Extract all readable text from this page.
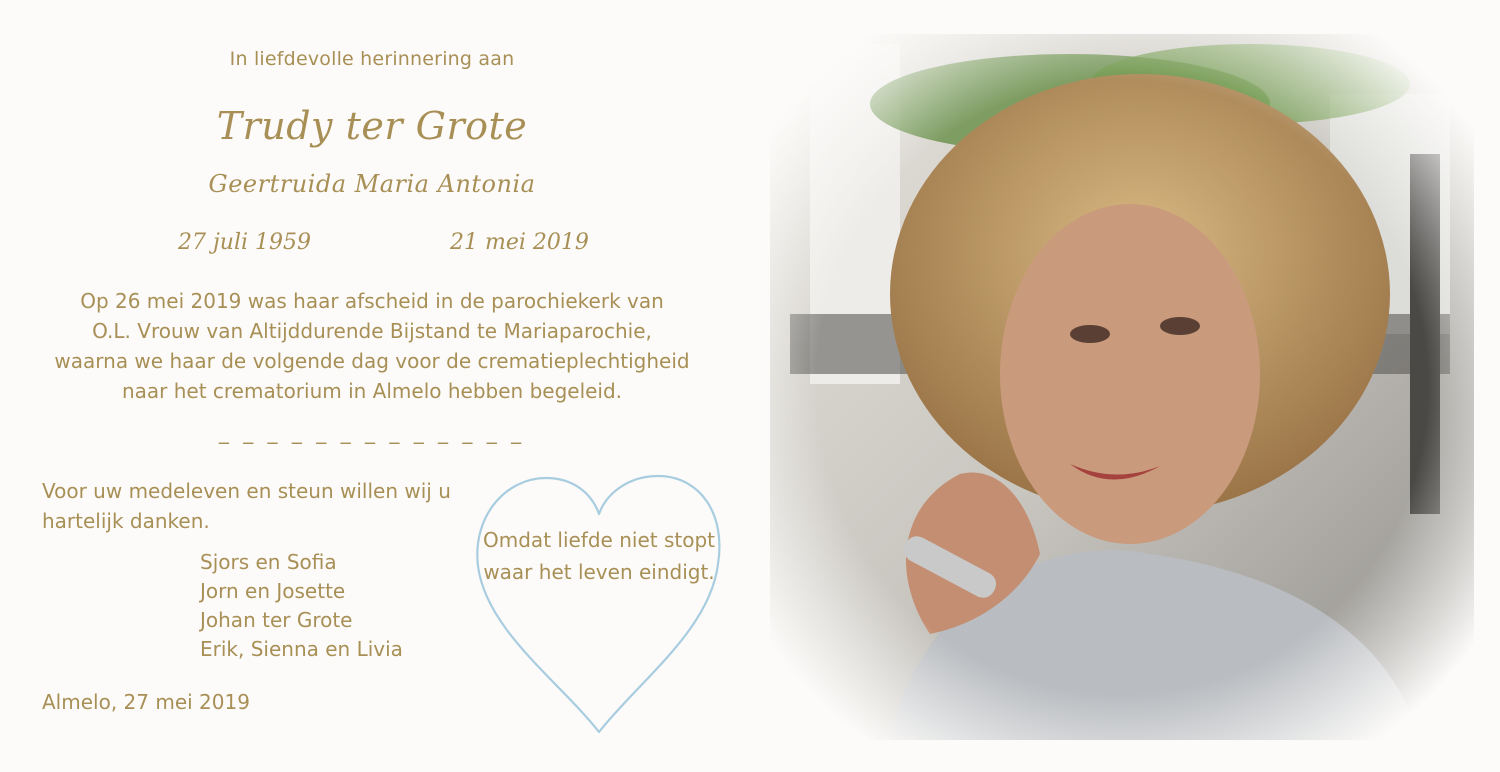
In liefdevolle herinnering aan
Trudy ter Grote
Geertruida Maria Antonia
27 juli 1959	21 mei 2019
Op 26 mei 2019 was haar afscheid in de parochiekerk van
O.L. Vrouw van Altijddurende Bijstand te Mariaparochie,
waarna we haar de volgende dag voor de crematieplechtigheid
naar het crematorium in Almelo hebben begeleid.
_ _ _ _ _ _ _ _ _ _ _ _ _
Voor uw medeleven en steun willen wij u
hartelijk danken.
Sjors en Sofia
Jorn en Josette
Johan ter Grote
Erik, Sienna en Livia
Almelo, 27 mei 2019
Omdat liefde niet stopt
waar het leven eindigt.
